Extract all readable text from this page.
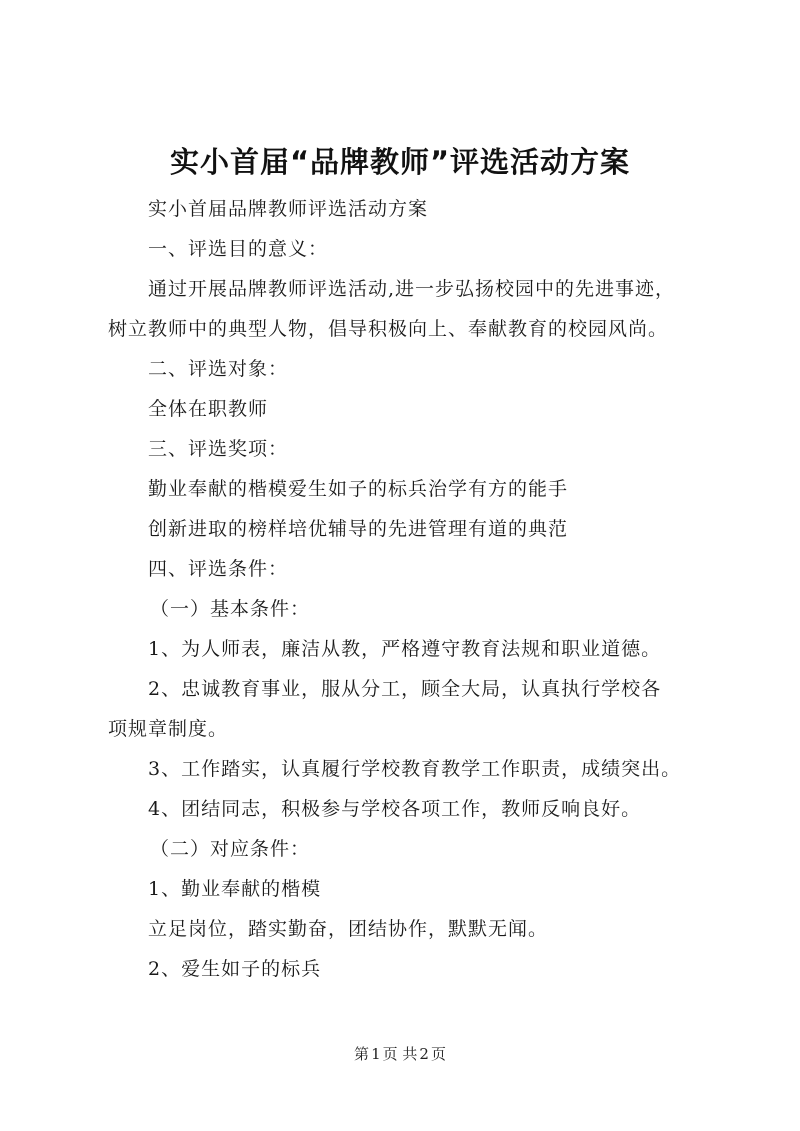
实小首届“品牌教师”评选活动方案
实小首届品牌教师评选活动方案
一、评选目的意义：
通过开展品牌教师评选活动,进一步弘扬校园中的先进事迹，
树立教师中的典型人物，倡导积极向上、奉献教育的校园风尚。
二、评选对象：
全体在职教师
三、评选奖项：
勤业奉献的楷模爱生如子的标兵治学有方的能手
创新进取的榜样培优辅导的先进管理有道的典范
四、评选条件：
（一）基本条件：
1、为人师表，廉洁从教，严格遵守教育法规和职业道德。
2、忠诚教育事业，服从分工，顾全大局，认真执行学校各
项规章制度。
3、工作踏实，认真履行学校教育教学工作职责，成绩突出。
4、团结同志，积极参与学校各项工作，教师反响良好。
（二）对应条件：
1、勤业奉献的楷模
立足岗位，踏实勤奋，团结协作，默默无闻。
2、爱生如子的标兵
第 1 页 共 2 页
